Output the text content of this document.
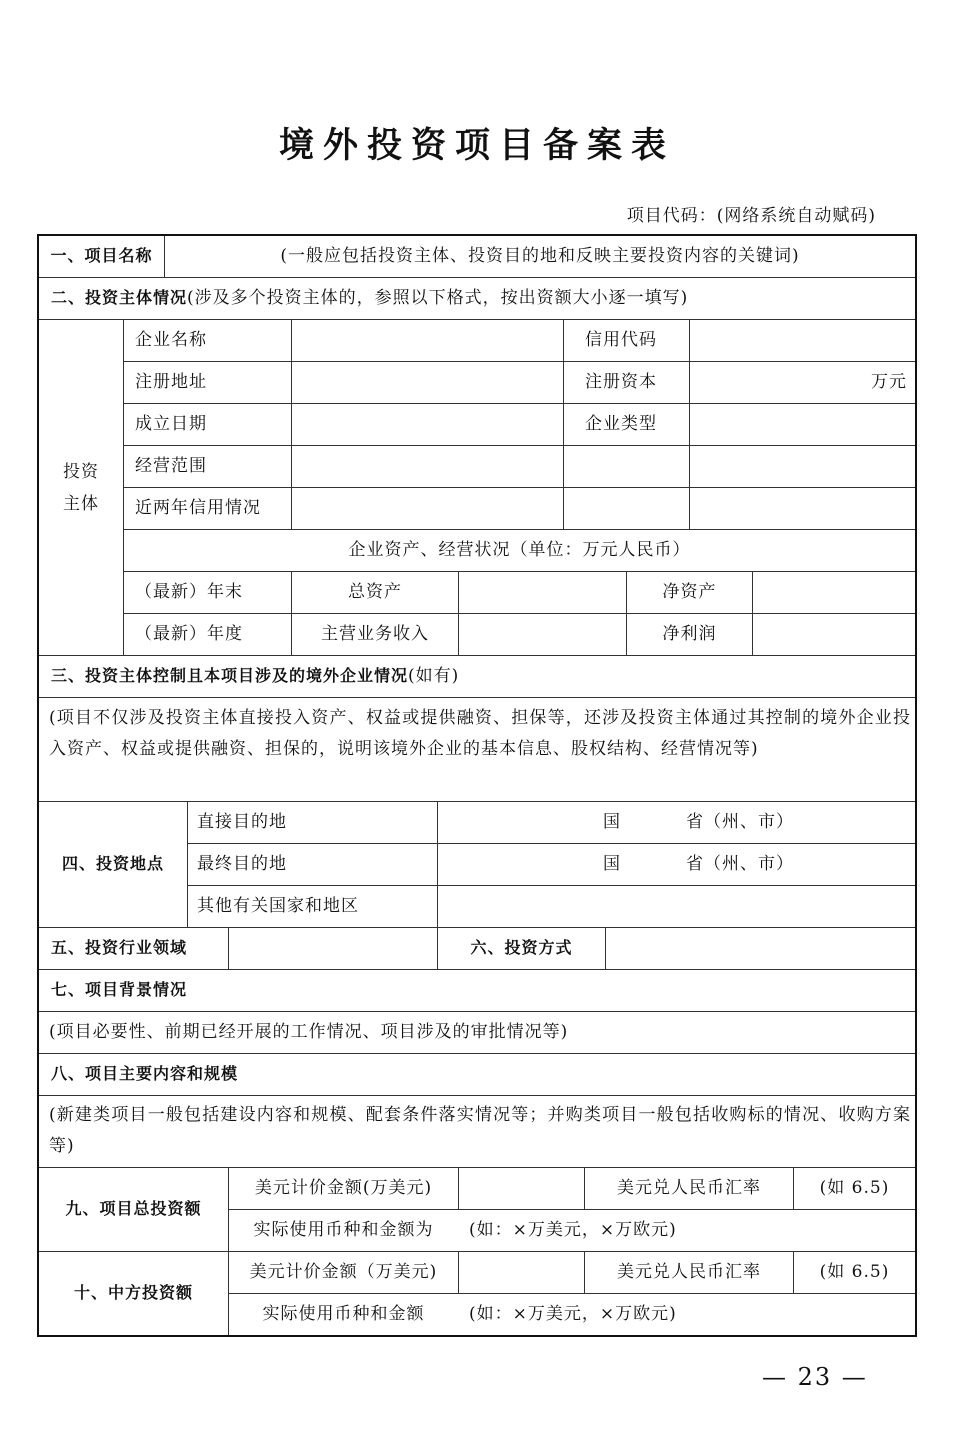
境外投资项目备案表
项目代码：(网络系统自动赋码)
一、项目名称	(一般应包括投资主体、投资目的地和反映主要投资内容的关键词)
二、投资主体情况 (涉及多个投资主体的，参照以下格式，按出资额大小逐一填写)
投资
主体
企业名称	信用代码
注册地址	注册资本	万元
成立日期	企业类型
经营范围
近两年信用情况
企业资产、经营状况（单位：万元人民币）
（最新）年末	总资产	净资产
（最新）年度	主营业务收入	净利润
三、投资主体控制且本项目涉及的境外企业情况 (如有)
(项目不仅涉及投资主体直接投入资产、权益或提供融资、担保等，还涉及投资主体通过其控制的境外企业投入资产、权益或提供融资、担保的，说明该境外企业的基本信息、股权结构、经营情况等)
四、投资地点
直接目的地	国	省（州、市）
最终目的地	国	省（州、市）
其他有关国家和地区
五、投资行业领域	六、投资方式
七、项目背景情况
(项目必要性、前期已经开展的工作情况、项目涉及的审批情况等)
八、项目主要内容和规模
(新建类项目一般包括建设内容和规模、配套条件落实情况等；并购类项目一般包括收购标的情况、收购方案等)
九、项目总投资额
美元计价金额(万美元)	美元兑人民币汇率	(如 6.5)
实际使用币种和金额为	(如：×万美元，×万欧元)
十、中方投资额
美元计价金额（万美元)	美元兑人民币汇率	(如 6.5)
实际使用币种和金额	(如：×万美元，×万欧元)
— 23 —
